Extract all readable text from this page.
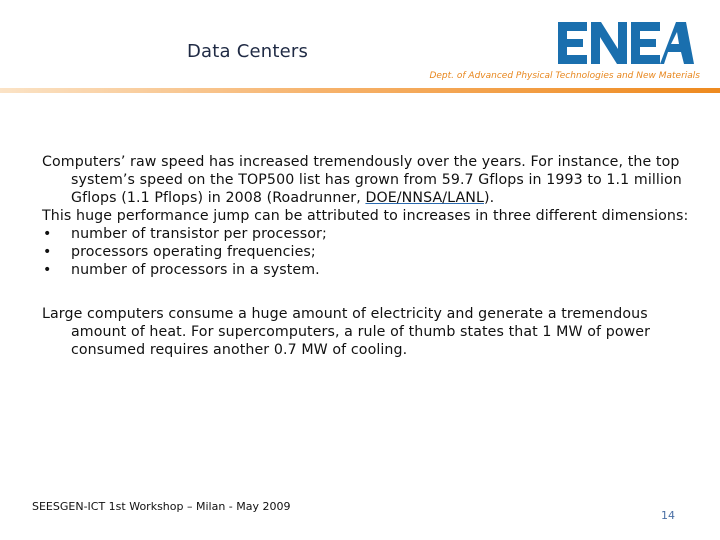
Data Centers
Dept. of Advanced Physical Technologies and New Materials

Computers’ raw speed has increased tremendously over the years. For instance, the top system’s speed on the TOP500 list has grown from 59.7 Gflops in 1993 to 1.1 million Gflops (1.1 Pflops) in 2008 (Roadrunner, DOE/NNSA/LANL).

This huge performance jump can be attributed to increases in three different dimensions:

• number of transistor per processor;
• processors operating frequencies;
• number of processors in a system.

Large computers consume a huge amount of electricity and generate a tremendous amount of heat. For supercomputers, a rule of thumb states that 1 MW of power consumed requires another 0.7 MW of cooling.

SEESGEN-ICT 1st Workshop – Milan - May 2009
14
